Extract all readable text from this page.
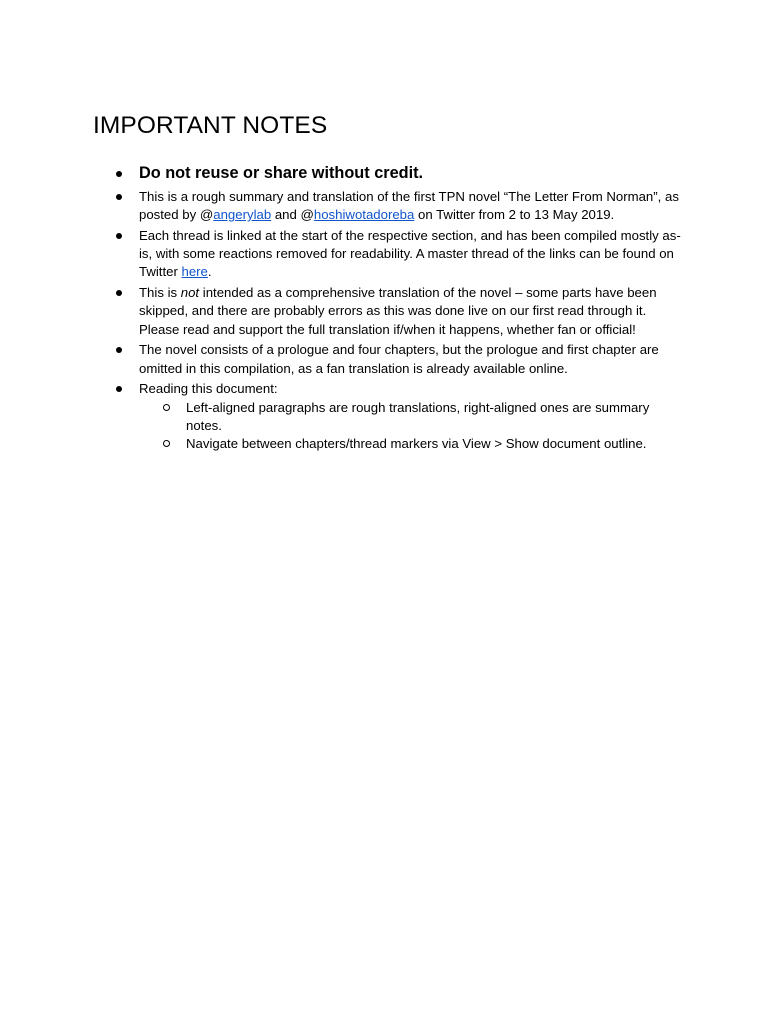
IMPORTANT NOTES
Do not reuse or share without credit.
This is a rough summary and translation of the first TPN novel “The Letter From Norman”, as posted by @angerylab and @hoshiwotadoreba on Twitter from 2 to 13 May 2019.
Each thread is linked at the start of the respective section, and has been compiled mostly as-is, with some reactions removed for readability. A master thread of the links can be found on Twitter here.
This is not intended as a comprehensive translation of the novel – some parts have been skipped, and there are probably errors as this was done live on our first read through it. Please read and support the full translation if/when it happens, whether fan or official!
The novel consists of a prologue and four chapters, but the prologue and first chapter are omitted in this compilation, as a fan translation is already available online.
Reading this document:
Left-aligned paragraphs are rough translations, right-aligned ones are summary notes.
Navigate between chapters/thread markers via View > Show document outline.
